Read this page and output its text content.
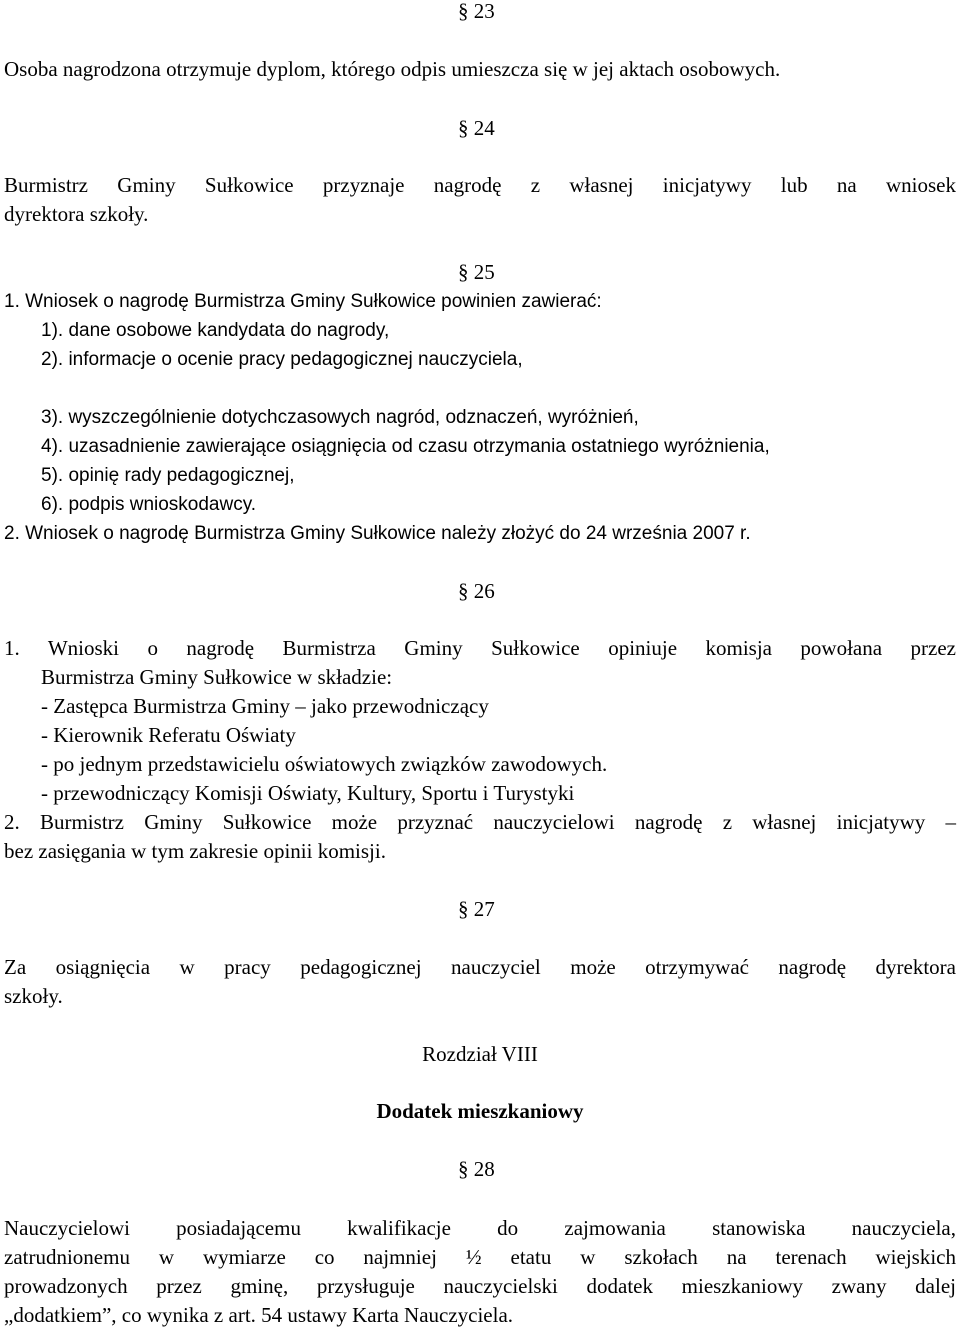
§ 23
Osoba nagrodzona otrzymuje dyplom, którego odpis umieszcza się w jej aktach osobowych.
§ 24
Burmistrz Gminy Sułkowice przyznaje nagrodę z własnej inicjatywy lub na wniosek
dyrektora szkoły.
§ 25
1. Wniosek o nagrodę Burmistrza Gminy Sułkowice powinien zawierać:
1). dane osobowe kandydata do nagrody,
2). informacje o ocenie pracy pedagogicznej nauczyciela,
3). wyszczególnienie dotychczasowych nagród, odznaczeń, wyróżnień,
4). uzasadnienie zawierające osiągnięcia od czasu otrzymania ostatniego wyróżnienia,
5). opinię rady pedagogicznej,
6). podpis wnioskodawcy.
2. Wniosek o nagrodę Burmistrza Gminy Sułkowice należy złożyć do 24 września 2007 r.
§ 26
1. Wnioski o nagrodę Burmistrza Gminy Sułkowice opiniuje komisja powołana przez
Burmistrza Gminy Sułkowice w składzie:
- Zastępca Burmistrza Gminy – jako przewodniczący
- Kierownik Referatu Oświaty
- po jednym przedstawicielu oświatowych związków zawodowych.
- przewodniczący Komisji Oświaty, Kultury, Sportu i Turystyki
2. Burmistrz Gminy Sułkowice może przyznać nauczycielowi nagrodę z własnej inicjatywy –
bez zasięgania w tym zakresie opinii komisji.
§ 27
Za osiągnięcia w pracy pedagogicznej nauczyciel może otrzymywać nagrodę dyrektora
szkoły.
Rozdział VIII
Dodatek mieszkaniowy
§ 28
Nauczycielowi posiadającemu kwalifikacje do zajmowania stanowiska nauczyciela,
zatrudnionemu w wymiarze co najmniej ½ etatu w szkołach na terenach wiejskich
prowadzonych przez gminę, przysługuje nauczycielski dodatek mieszkaniowy zwany dalej
„dodatkiem”, co wynika z art. 54 ustawy Karta Nauczyciela.
